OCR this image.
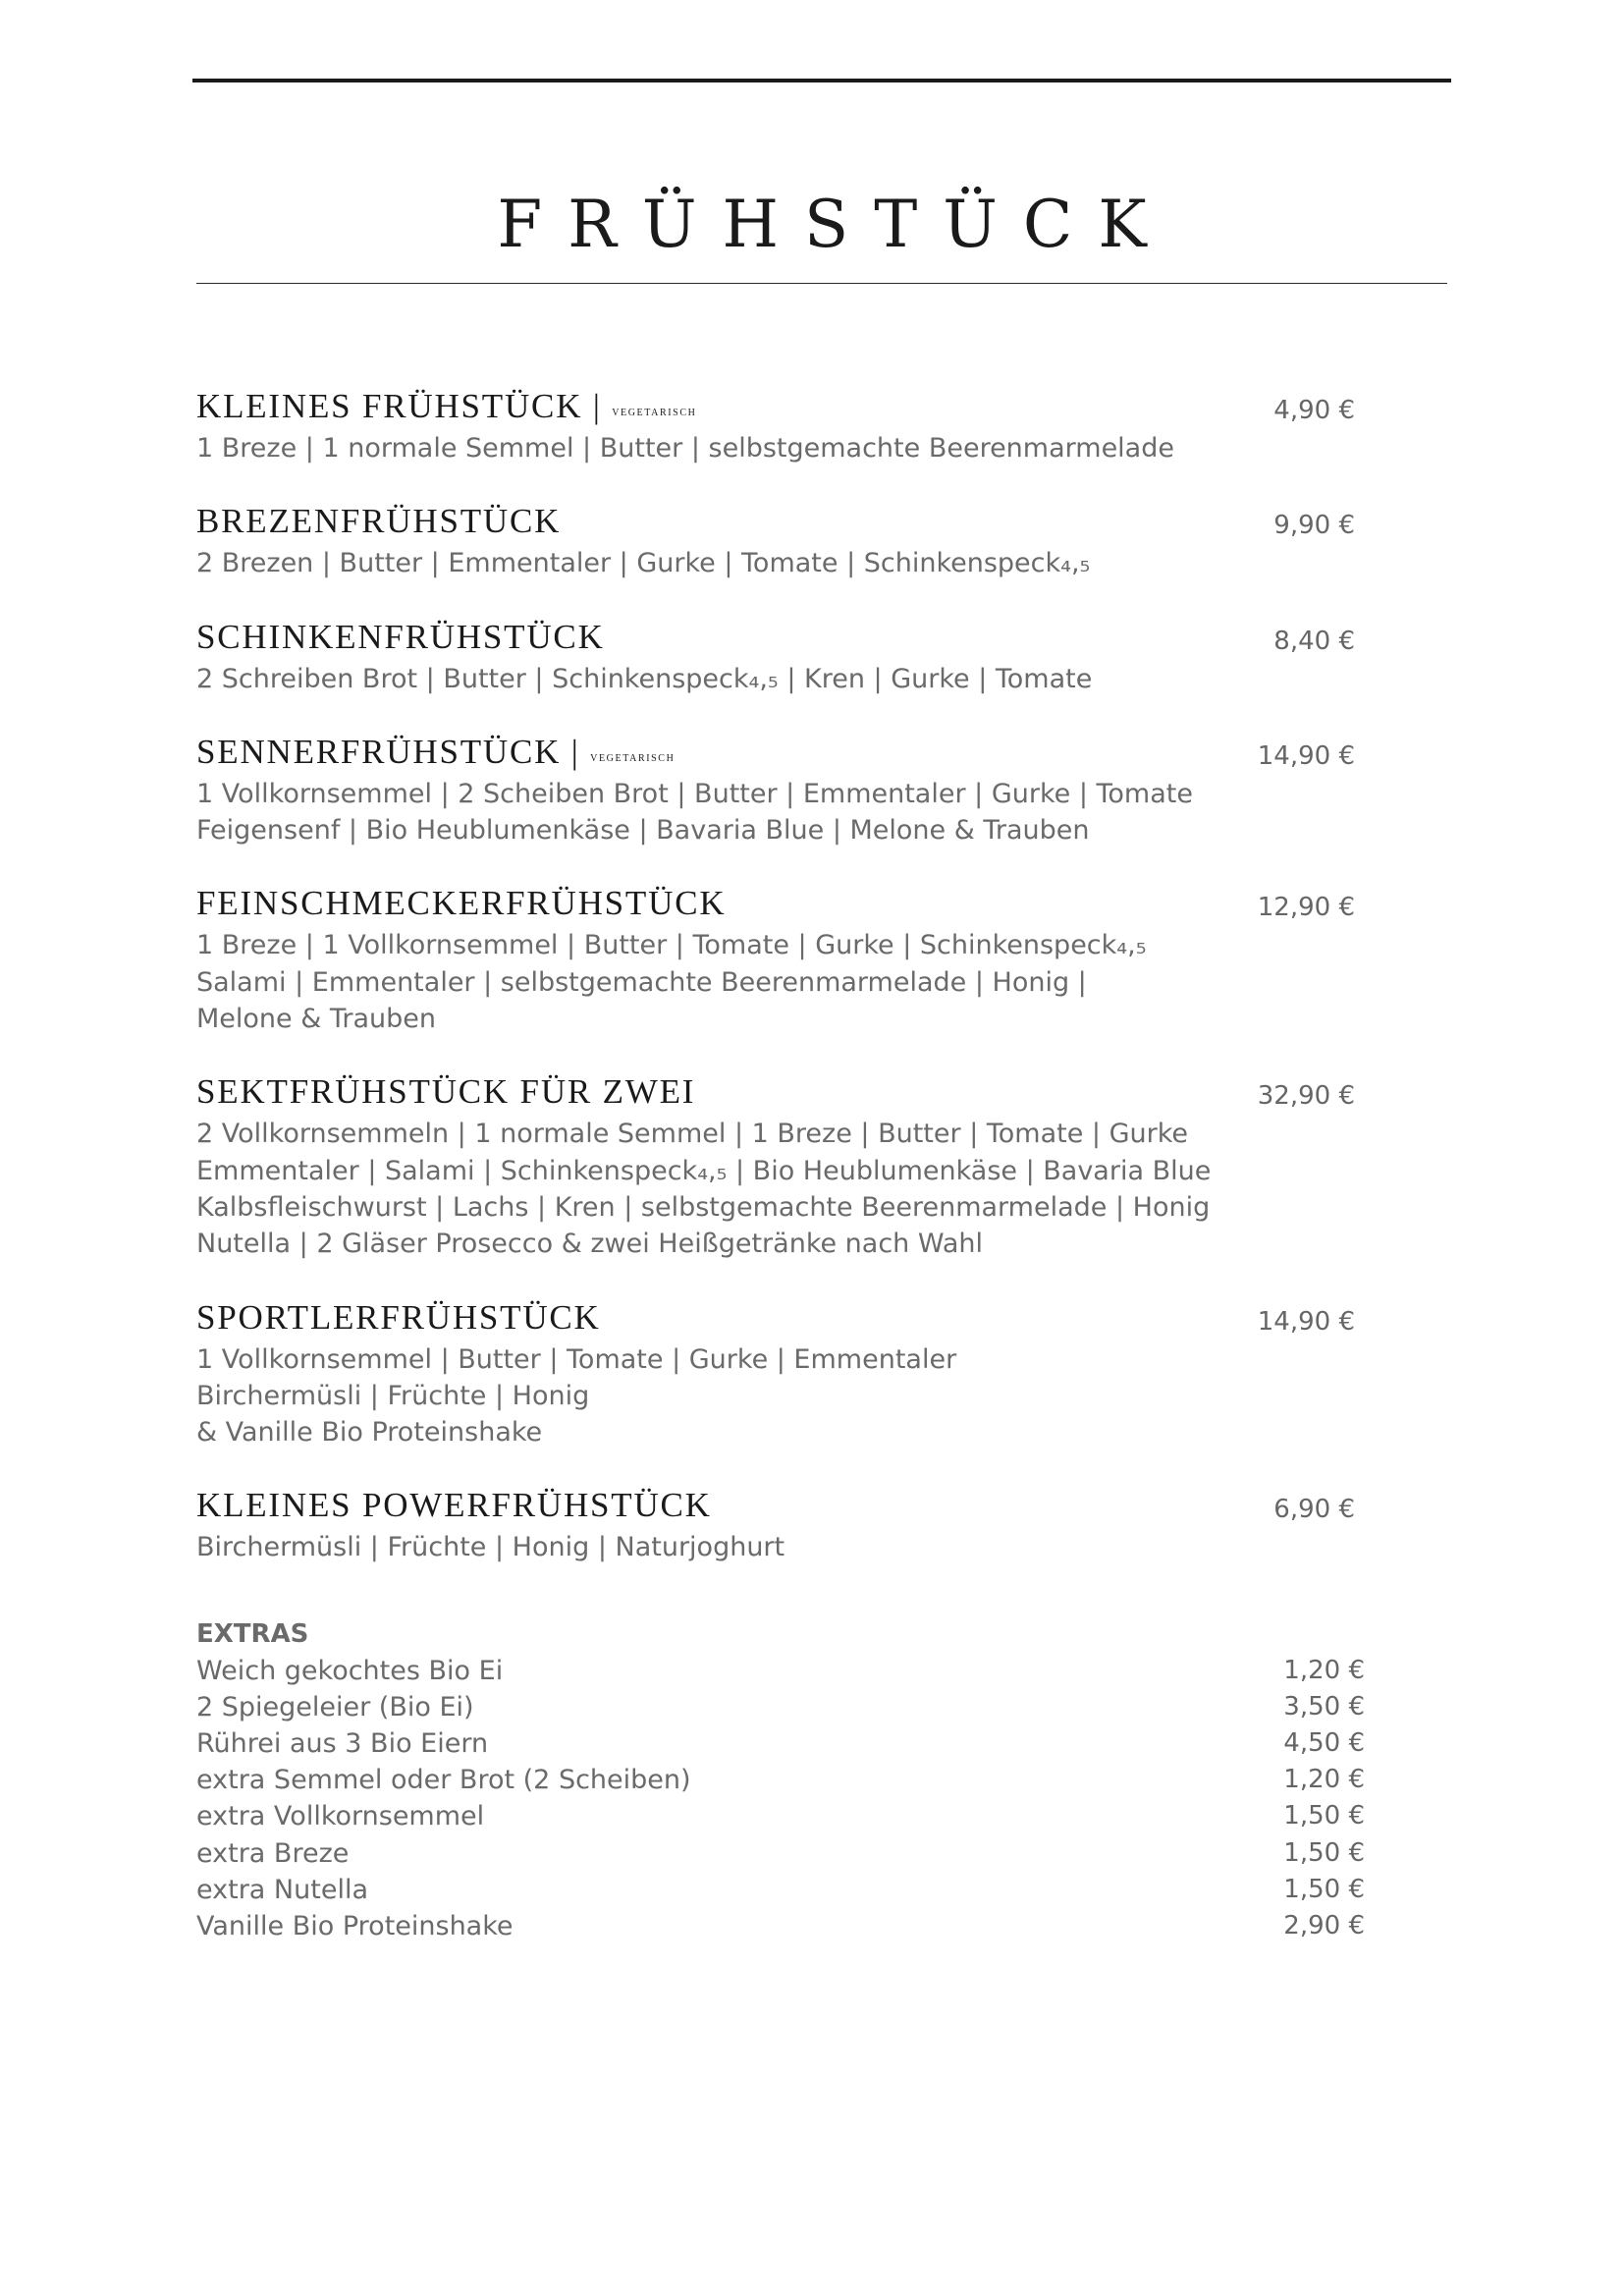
FRÜHSTÜCK
KLEINES FRÜHSTÜCK | vegetarisch	4,90 €
1 Breze | 1 normale Semmel | Butter | selbstgemachte Beerenmarmelade
BREZENFRÜHSTÜCK	9,90 €
2 Brezen | Butter | Emmentaler | Gurke | Tomate | Schinkenspeck₄,₅
SCHINKENFRÜHSTÜCK	8,40 €
2 Schreiben Brot | Butter | Schinkenspeck₄,₅ | Kren | Gurke | Tomate
SENNERFRÜHSTÜCK | vegetarisch	14,90 €
1 Vollkornsemmel | 2 Scheiben Brot | Butter | Emmentaler | Gurke | Tomate
Feigensenf | Bio Heublumenkäse | Bavaria Blue | Melone & Trauben
FEINSCHMECKERFRÜHSTÜCK	12,90 €
1 Breze | 1 Vollkornsemmel | Butter | Tomate | Gurke | Schinkenspeck₄,₅
Salami | Emmentaler | selbstgemachte Beerenmarmelade | Honig |
Melone & Trauben
SEKTFRÜHSTÜCK FÜR ZWEI	32,90 €
2 Vollkornsemmeln | 1 normale Semmel | 1 Breze | Butter | Tomate | Gurke
Emmentaler | Salami | Schinkenspeck₄,₅ | Bio Heublumenkäse | Bavaria Blue
Kalbsfleischwurst | Lachs | Kren | selbstgemachte Beerenmarmelade | Honig
Nutella | 2 Gläser Prosecco & zwei Heißgetränke nach Wahl
SPORTLERFRÜHSTÜCK	14,90 €
1 Vollkornsemmel | Butter | Tomate | Gurke | Emmentaler
Birchermüsli | Früchte | Honig
& Vanille Bio Proteinshake
KLEINES POWERFRÜHSTÜCK	6,90 €
Birchermüsli | Früchte | Honig | Naturjoghurt
EXTRAS
Weich gekochtes Bio Ei	1,20 €
2 Spiegeleier (Bio Ei)	3,50 €
Rührei aus 3 Bio Eiern	4,50 €
extra Semmel oder Brot (2 Scheiben)	1,20 €
extra Vollkornsemmel	1,50 €
extra Breze	1,50 €
extra Nutella	1,50 €
Vanille Bio Proteinshake	2,90 €
